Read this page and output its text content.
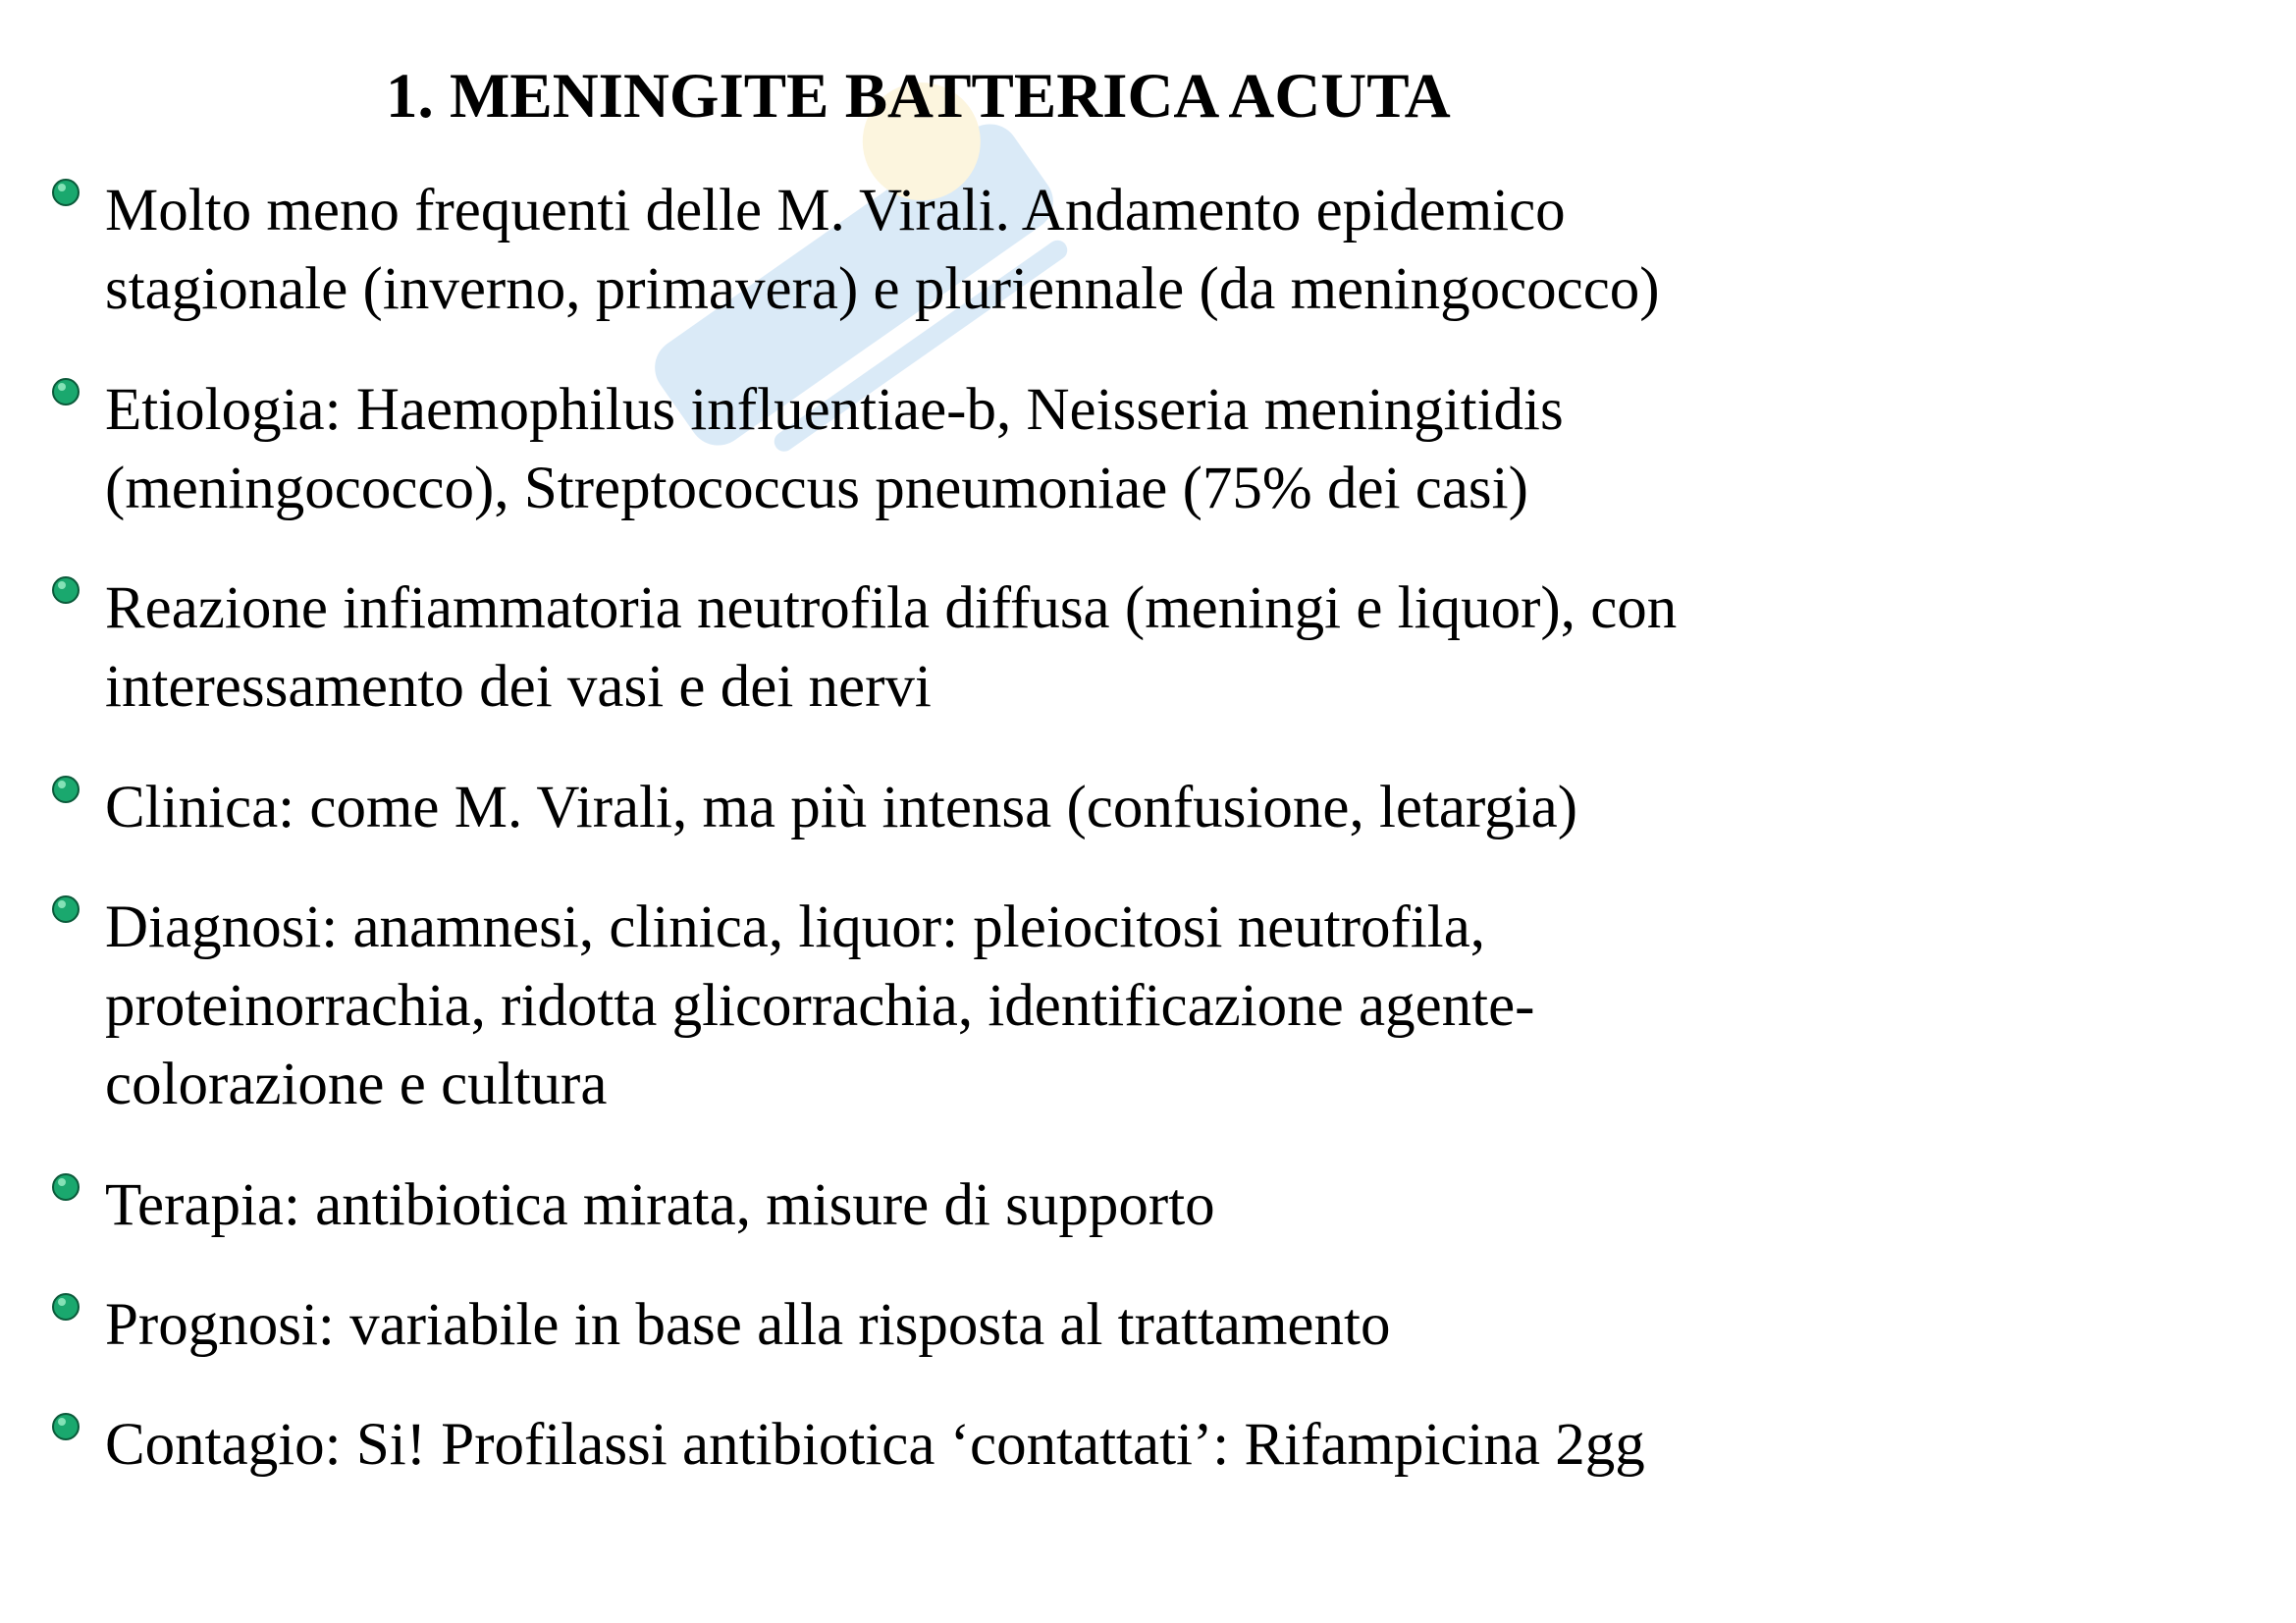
1. MENINGITE BATTERICA ACUTA
Molto meno frequenti delle M. Virali. Andamento epidemico
stagionale (inverno, primavera) e pluriennale (da meningococco)
Etiologia: Haemophilus influentiae-b, Neisseria meningitidis
(meningococco), Streptococcus pneumoniae (75% dei casi)
Reazione infiammatoria neutrofila diffusa (meningi e liquor), con
interessamento dei vasi e dei nervi
Clinica: come M. Virali, ma più intensa (confusione, letargia)
Diagnosi: anamnesi, clinica, liquor: pleiocitosi neutrofila,
proteinorrachia, ridotta glicorrachia, identificazione agente-
colorazione e cultura
Terapia: antibiotica mirata, misure di supporto
Prognosi: variabile in base alla risposta al trattamento
Contagio: Si! Profilassi antibiotica ‘contattati’: Rifampicina 2gg
